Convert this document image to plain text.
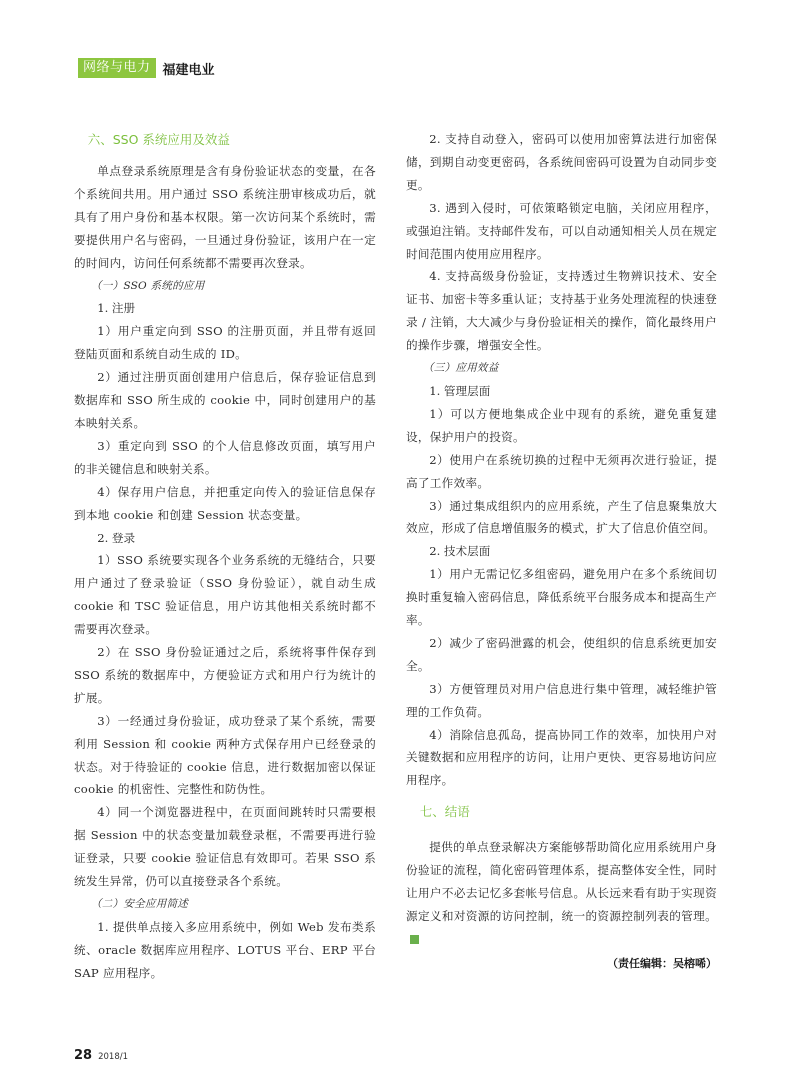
网络与电力 福建电业
六、SSO 系统应用及效益

单点登录系统原理是含有身份验证状态的变量，在各个系统间共用。用户通过 SSO 系统注册审核成功后，就具有了用户身份和基本权限。第一次访问某个系统时，需要提供用户名与密码，一旦通过身份验证，该用户在一定的时间内，访问任何系统都不需要再次登录。

（一）SSO 系统的应用
1. 注册

1）用户重定向到 SSO 的注册页面，并且带有返回登陆页面和系统自动生成的 ID。

2）通过注册页面创建用户信息后，保存验证信息到数据库和 SSO 所生成的 cookie 中，同时创建用户的基本映射关系。

3）重定向到 SSO 的个人信息修改页面，填写用户的非关键信息和映射关系。

4）保存用户信息，并把重定向传入的验证信息保存到本地 cookie 和创建 Session 状态变量。

2. 登录

1）SSO 系统要实现各个业务系统的无缝结合，只要用户通过了登录验证（SSO 身份验证），就自动生成 cookie 和 TSC 验证信息，用户访其他相关系统时都不需要再次登录。

2）在 SSO 身份验证通过之后，系统将事件保存到 SSO 系统的数据库中，方便验证方式和用户行为统计的扩展。

3）一经通过身份验证，成功登录了某个系统，需要利用 Session 和 cookie 两种方式保存用户已经登录的状态。对于待验证的 cookie 信息，进行数据加密以保证 cookie 的机密性、完整性和防伪性。

4）同一个浏览器进程中，在页面间跳转时只需要根据 Session 中的状态变量加载登录框，不需要再进行验证登录，只要 cookie 验证信息有效即可。若果 SSO 系统发生异常，仍可以直接登录各个系统。

（二）安全应用简述

1. 提供单点接入多应用系统中，例如 Web 发布类系统、oracle 数据库应用程序、LOTUS 平台、ERP 平台 SAP 应用程序。

2. 支持自动登入，密码可以使用加密算法进行加密保储，到期自动变更密码，各系统间密码可设置为自动同步变更。

3. 遇到入侵时，可依策略锁定电脑，关闭应用程序，或强迫注销。支持邮件发布，可以自动通知相关人员在规定时间范围内使用应用程序。

4. 支持高级身份验证，支持透过生物辨识技术、安全证书、加密卡等多重认证；支持基于业务处理流程的快速登录 / 注销，大大减少与身份验证相关的操作，简化最终用户的操作步骤，增强安全性。

（三）应用效益
1. 管理层面

1）可以方便地集成企业中现有的系统，避免重复建设，保护用户的投资。

2）使用户在系统切换的过程中无须再次进行验证，提高了工作效率。

3）通过集成组织内的应用系统，产生了信息聚集放大效应，形成了信息增值服务的模式，扩大了信息价值空间。

2. 技术层面

1）用户无需记忆多组密码，避免用户在多个系统间切换时重复输入密码信息，降低系统平台服务成本和提高生产率。

2）减少了密码泄露的机会，使组织的信息系统更加安全。

3）方便管理员对用户信息进行集中管理，减轻维护管理的工作负荷。

4）消除信息孤岛，提高协同工作的效率，加快用户对关键数据和应用程序的访问，让用户更快、更容易地访问应用程序。

七、结语

提供的单点登录解决方案能够帮助简化应用系统用户身份验证的流程，简化密码管理体系，提高整体安全性，同时让用户不必去记忆多套帐号信息。从长远来看有助于实现资源定义和对资源的访问控制，统一的资源控制列表的管理。

（责任编辑：吴榕唏）
28 2018/1
